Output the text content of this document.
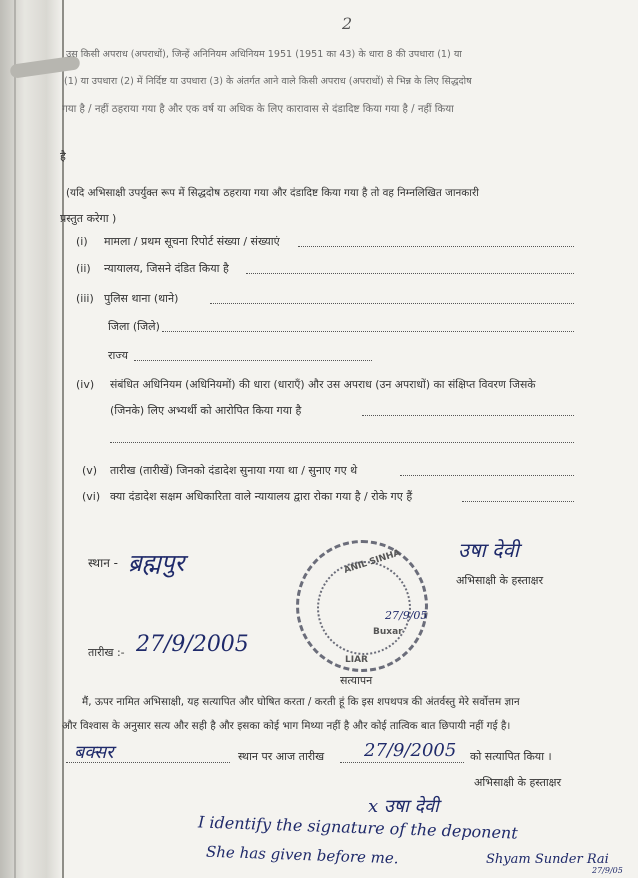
2
उस किसी अपराध (अपराधों), जिन्हें अनिनियम अधिनियम 1951 (1951 का 43) के धारा 8 की उपधारा (1) या
(1) या उपधारा (2) में निर्दिष्ट या उपधारा (3) के अंतर्गत आने वाले किसी अपराध (अपराधों) से भिन्न के लिए सिद्धदोष
गया है / नहीं ठहराया गया है और एक वर्ष या अधिक के लिए कारावास से दंडादिष्ट किया गया है / नहीं किया
है
(यदि अभिसाक्षी उपर्युक्त रूप में सिद्धदोष ठहराया गया और दंडादिष्ट किया गया है तो वह निम्नलिखित जानकारी
प्रस्तुत करेगा )
(i) मामला / प्रथम सूचना रिपोर्ट संख्या / संख्याएं
(ii) न्यायालय, जिसने दंडित किया है
(iii) पुलिस थाना (थाने)
जिला (जिले)
राज्य
(iv) संबंधित अधिनियम (अधिनियमों) की धारा (धाराएँ) और उस अपराध (उन अपराधों) का संक्षिप्त विवरण जिसके
(जिनके) लिए अभ्यर्थी को आरोपित किया गया है
(v) तारीख (तारीखें) जिनको दंडादेश सुनाया गया था / सुनाए गए थे
(vi) क्या दंडादेश सक्षम अधिकारिता वाले न्यायालय द्वारा रोका गया है / रोके गए हैं
स्थान - ब्रह्मपुर	उषा देवी
अभिसाक्षी के हस्ताक्षर
ANIL SINHA
Buxar
LIAR
27/9/05
तारीख :- 27/9/2005
सत्यापन
मैं, ऊपर नामित अभिसाक्षी, यह सत्यापित और घोषित करता / करती हूं कि इस शपथपत्र की अंतर्वस्तु मेरे सर्वोत्तम ज्ञान
और विश्वास के अनुसार सत्य और सही है और इसका कोई भाग मिथ्या नहीं है और कोई तात्विक बात छिपायी नहीं गई है।
बक्सर	स्थान पर आज तारीख 27/9/2005 को सत्यापित किया ।
अभिसाक्षी के हस्ताक्षर
x उषा देवी
I identify the signature of the deponent
She has given before me.	Shyam Sunder Rai
27/9/05
